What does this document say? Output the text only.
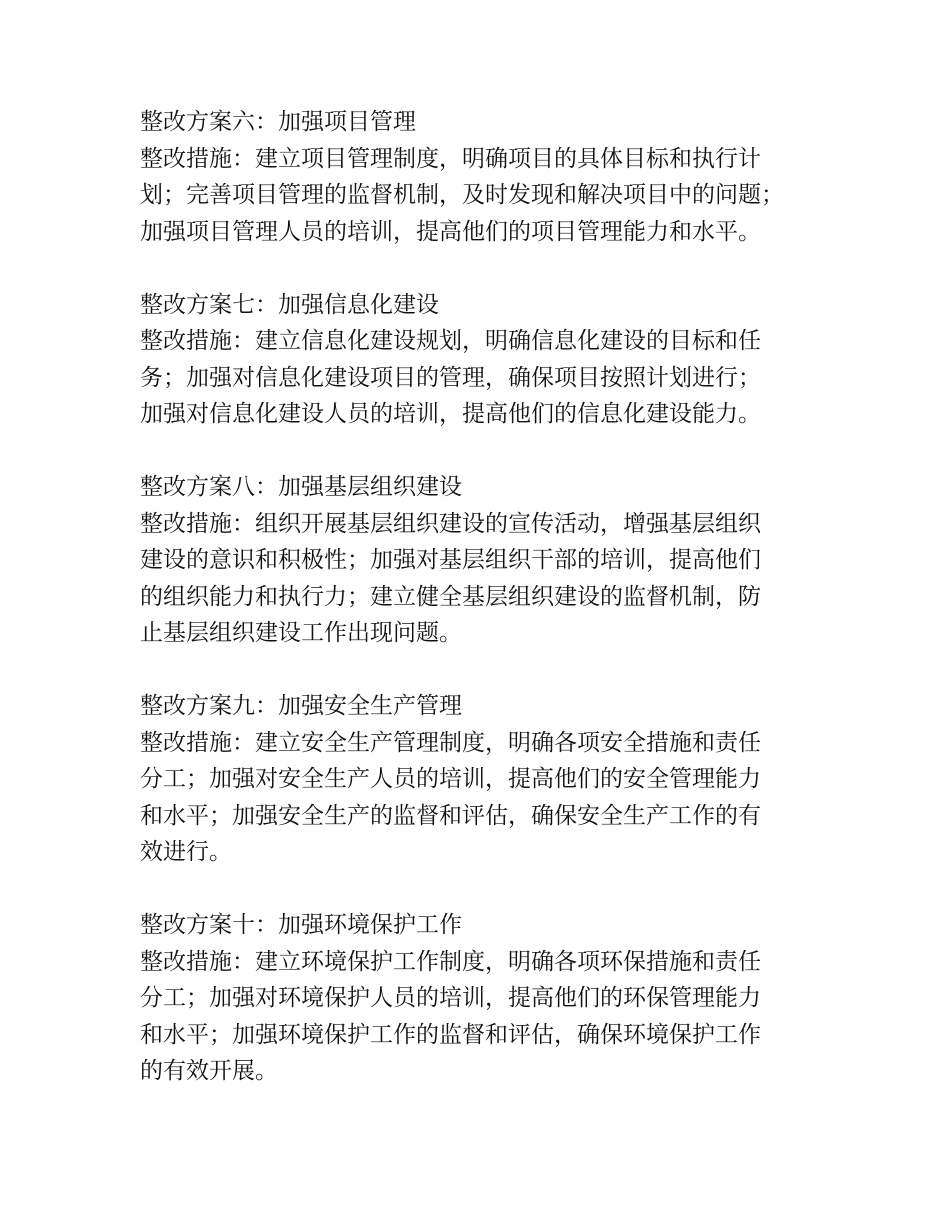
整改方案六：加强项目管理

整改措施：建立项目管理制度，明确项目的具体目标和执行计
划；完善项目管理的监督机制，及时发现和解决项目中的问题；
加强项目管理人员的培训，提高他们的项目管理能力和水平。

整改方案七：加强信息化建设

整改措施：建立信息化建设规划，明确信息化建设的目标和任
务；加强对信息化建设项目的管理，确保项目按照计划进行；
加强对信息化建设人员的培训，提高他们的信息化建设能力。

整改方案八：加强基层组织建设

整改措施：组织开展基层组织建设的宣传活动，增强基层组织
建设的意识和积极性；加强对基层组织干部的培训，提高他们
的组织能力和执行力；建立健全基层组织建设的监督机制，防
止基层组织建设工作出现问题。

整改方案九：加强安全生产管理

整改措施：建立安全生产管理制度，明确各项安全措施和责任
分工；加强对安全生产人员的培训，提高他们的安全管理能力
和水平；加强安全生产的监督和评估，确保安全生产工作的有
效进行。

整改方案十：加强环境保护工作

整改措施：建立环境保护工作制度，明确各项环保措施和责任
分工；加强对环境保护人员的培训，提高他们的环保管理能力
和水平；加强环境保护工作的监督和评估，确保环境保护工作
的有效开展。
